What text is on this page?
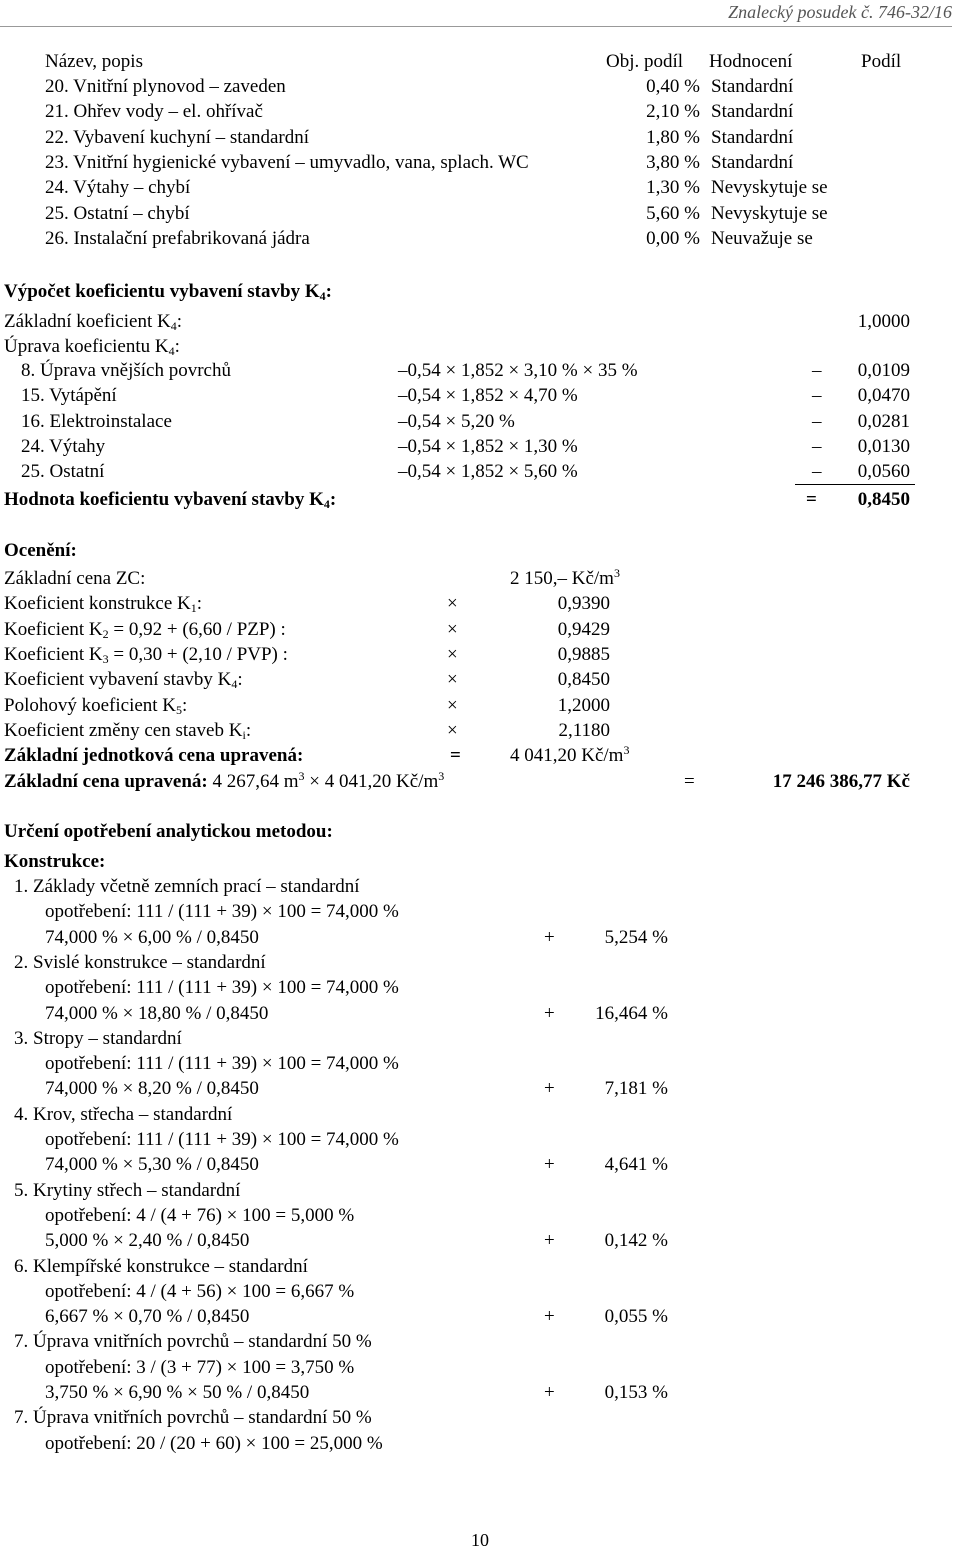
Znalecký posudek č. 746-32/16
Název, popis	Obj. podíl Hodnocení	Podíl
20. Vnitřní plynovod – zaveden	0,40 % Standardní
21. Ohřev vody – el. ohřívač	2,10 % Standardní
22. Vybavení kuchyní – standardní	1,80 % Standardní
23. Vnitřní hygienické vybavení – umyvadlo, vana, splach. WC	3,80 % Standardní
24. Výtahy – chybí	1,30 % Nevyskytuje se
25. Ostatní – chybí	5,60 % Nevyskytuje se
26. Instalační prefabrikovaná jádra	0,00 % Neuvažuje se
Výpočet koeficientu vybavení stavby $K_4$:
Základní koeficient $K_4$:	1,0000
Úprava koeficientu $K_4$:
8. Úprava vnějších povrchů	–0,54 × 1,852 × 3,10 % × 35 %	– 0,0109
15. Vytápění	–0,54 × 1,852 × 4,70 %	– 0,0470
16. Elektroinstalace	–0,54 × 5,20 %	– 0,0281
24. Výtahy	–0,54 × 1,852 × 1,30 %	– 0,0130
25. Ostatní	–0,54 × 1,852 × 5,60 %	– 0,0560
Hodnota koeficientu vybavení stavby $K_4$:	= 0,8450
Ocenění:
Základní cena ZC:	2 150,– $Kč/m^3$
Koeficient konstrukce $K_1$:	×	0,9390
Koeficient $K_2 = 0,92 + (6,60 / PZP)$ :	×	0,9429
Koeficient $K_3 = 0,30 + (2,10 / PVP)$ :	×	0,9885
Koeficient vybavení stavby $K_4$:	×	0,8450
Polohový koeficient $K_5$:	×	1,2000
Koeficient změny cen staveb $K_i$:	×	2,1180
Základní jednotková cena upravená:	=	4 041,20 $Kč/m^3$
Základní cena upravená: 4 267,64 $m^3 \times 4$ 041,20 $Kč/m^3$	=	17 246 386,77 Kč
Určení opotřebení analytickou metodou:
Konstrukce:
1. Základy včetně zemních prací – standardní
opotřebení: 111 / (111 + 39) × 100 = 74,000 %
74,000 % × 6,00 % / 0,8450	+	5,254 %
2. Svislé konstrukce – standardní
opotřebení: 111 / (111 + 39) × 100 = 74,000 %
74,000 % × 18,80 % / 0,8450	+ 16,464 %
3. Stropy – standardní
opotřebení: 111 / (111 + 39) × 100 = 74,000 %
74,000 % × 8,20 % / 0,8450	+	7,181 %
4. Krov, střecha – standardní
opotřebení: 111 / (111 + 39) × 100 = 74,000 %
74,000 % × 5,30 % / 0,8450	+	4,641 %
5. Krytiny střech – standardní
opotřebení: 4 / (4 + 76) × 100 = 5,000 %
5,000 % × 2,40 % / 0,8450	+	0,142 %
6. Klempířské konstrukce – standardní
opotřebení: 4 / (4 + 56) × 100 = 6,667 %
6,667 % × 0,70 % / 0,8450	+	0,055 %
7. Úprava vnitřních povrchů – standardní 50 %
opotřebení: 3 / (3 + 77) × 100 = 3,750 %
3,750 % × 6,90 % × 50 % / 0,8450	+	0,153 %
7. Úprava vnitřních povrchů – standardní 50 %
opotřebení: 20 / (20 + 60) × 100 = 25,000 %
10
